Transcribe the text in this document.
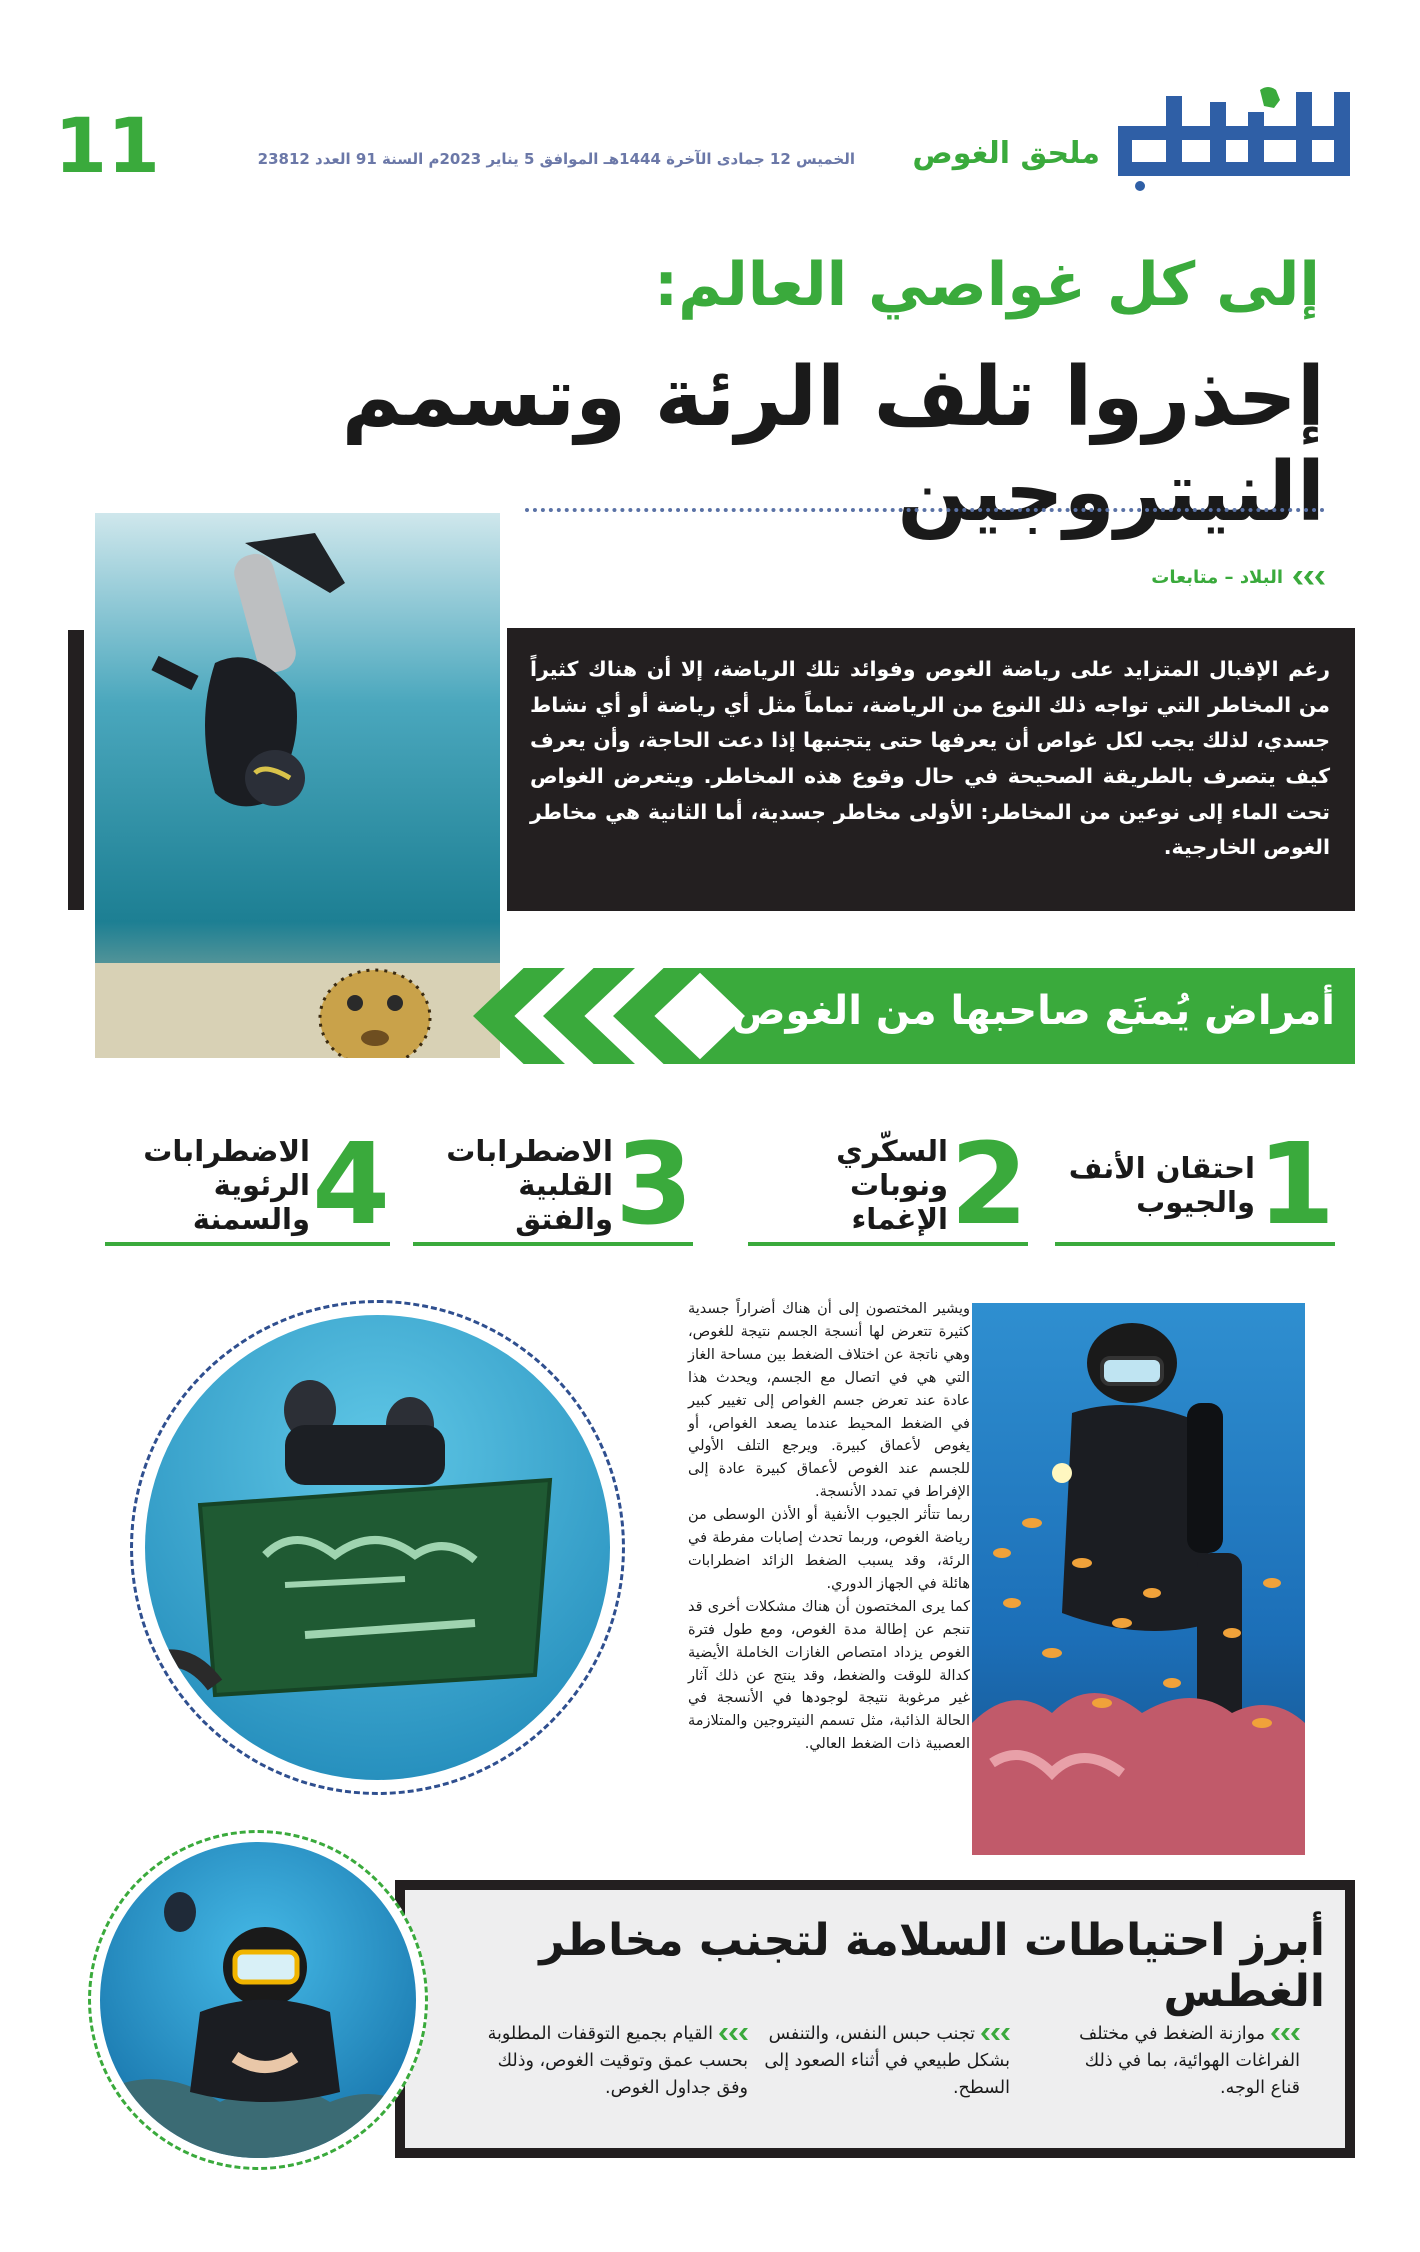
ملحق الغوص
الخميس 12 جمادى الآخرة 1444هـ الموافق 5 يناير 2023م السنة 91 العدد 23812
11
إلى كل غواصي العالم:
إحذروا تلف الرئة وتسمم النيتروجين
البلاد – متابعات
رغم الإقبال المتزايد على رياضة الغوص وفوائد تلك الرياضة، إلا أن هناك كثيراً من المخاطر التي تواجه ذلك النوع من الرياضة، تماماً مثل أي رياضة أو أي نشاط جسدي، لذلك يجب لكل غواص أن يعرفها حتى يتجنبها إذا دعت الحاجة، وأن يعرف كيف يتصرف بالطريقة الصحيحة في حال وقوع هذه المخاطر. ويتعرض الغواص تحت الماء إلى نوعين من المخاطر: الأولى مخاطر جسدية، أما الثانية هي مخاطر الغوص الخارجية.
أمراض يُمنَع صاحبها من الغوص
1
احتقان الأنف
والجيوب
2
السكّري ونوبات
الإغماء
3
الاضطرابات
القلبية والفتق
4
الاضطرابات
الرئوية والسمنة

ويشير المختصون إلى أن هناك أضراراً جسدية كثيرة تتعرض لها أنسجة الجسم نتيجة للغوص، وهي ناتجة عن اختلاف الضغط بين مساحة الغاز التي هي في اتصال مع الجسم، ويحدث هذا عادة عند تعرض جسم الغواص إلى تغيير كبير في الضغط المحيط عندما يصعد الغواص، أو يغوص لأعماق كبيرة. ويرجع التلف الأولي للجسم عند الغوص لأعماق كبيرة عادة إلى الإفراط في تمدد الأنسجة.

ربما تتأثر الجيوب الأنفية أو الأذن الوسطى من رياضة الغوص، وربما تحدث إصابات مفرطة في الرئة، وقد يسبب الضغط الزائد اضطرابات هائلة في الجهاز الدوري.

كما يرى المختصون أن هناك مشكلات أخرى قد تنجم عن إطالة مدة الغوص، ومع طول فترة الغوص يزداد امتصاص الغازات الخاملة الأيضية كدالة للوقت والضغط، وقد ينتج عن ذلك آثار غير مرغوبة نتيجة لوجودها في الأنسجة في الحالة الذائبة، مثل تسمم النيتروجين والمتلازمة العصبية ذات الضغط العالي.

أبرز احتياطات السلامة لتجنب مخاطر الغطس
موازنة الضغط في مختلف الفراغات الهوائية، بما في ذلك قناع الوجه.
تجنب حبس النفس، والتنفس بشكل طبيعي في أثناء الصعود إلى السطح.
القيام بجميع التوقفات المطلوبة بحسب عمق وتوقيت الغوص، وذلك وفق جداول الغوص.
